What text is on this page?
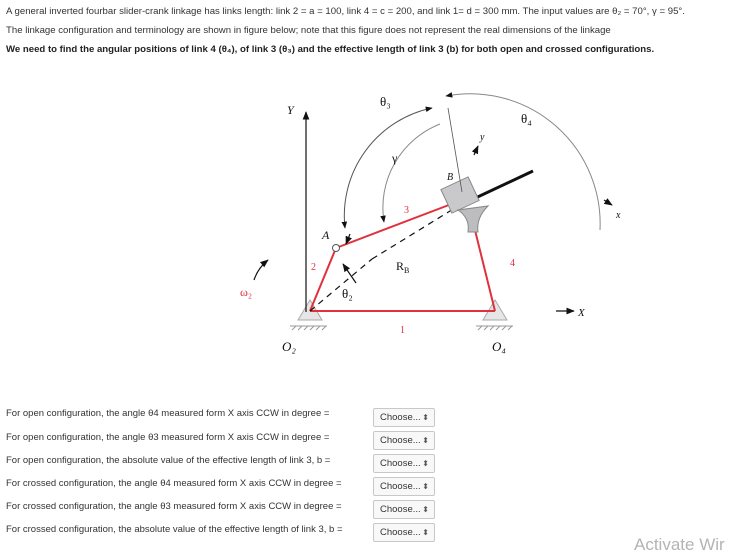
A general inverted fourbar slider-crank linkage has links length: link 2 = a = 100, link 4 = c = 200, and link 1= d = 300 mm. The input values are θ₂ = 70°, γ = 95°.
The linkage configuration and terminology are shown in figure below; note that this figure does not represent the real dimensions of the linkage
We need to find the angular positions of link 4 (θ₄), of link 3 (θ₃) and the effective length of link 3 (b) for both open and crossed configurations.
Y
A
B
y
x
X
O₂	O₄
θ₃
θ₄
γ
θ₂
ω₂
$R_B$
1
2
3
4
For open configuration, the angle θ4 measured form X axis CCW in degree =	Choose... ⬍
For open configuration, the angle θ3 measured form X axis CCW in degree =	Choose... ⬍
For open configuration, the absolute value of the effective length of link 3, b =	Choose... ⬍
For crossed configuration, the angle θ4 measured form X axis CCW in degree =	Choose... ⬍
For crossed configuration, the angle θ3 measured form X axis CCW in degree =	Choose... ⬍
For crossed configuration, the absolute value of the effective length of link 3, b =	Choose... ⬍
Activate Wir
